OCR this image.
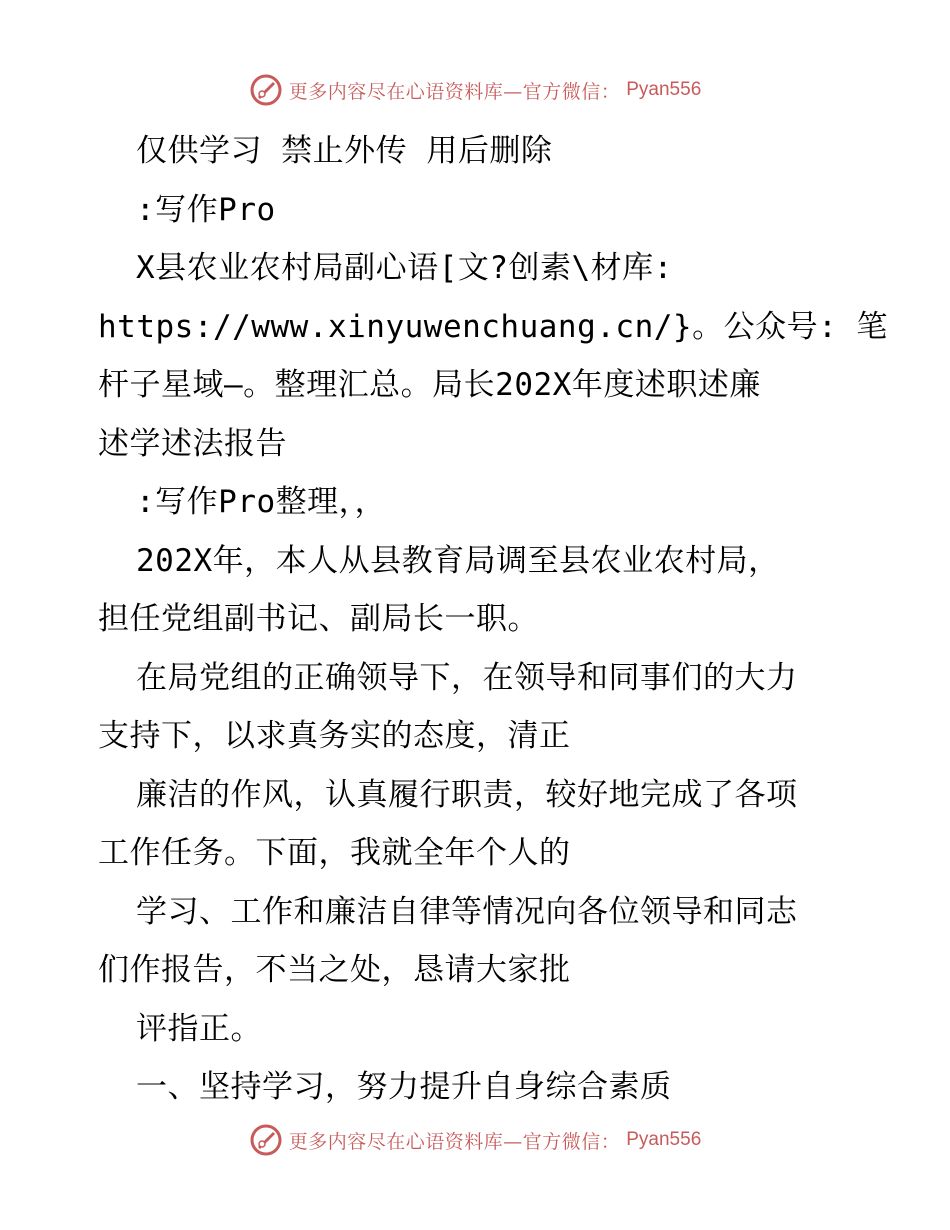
更多内容尽在心语资料库—官方微信： Pyan556
仅供学习 禁止外传 用后删除
:写作Pro
X县农业农村局副心语[文?创素\材库:
https://www.xinyuwenchuang.cn/}。公众号: 笔
杆子星域—。整理汇总。局长202X年度述职述廉
述学述法报告
:写作Pro整理，，
202X年，本人从县教育局调至县农业农村局，
担任党组副书记、副局长一职。
在局党组的正确领导下，在领导和同事们的大力
支持下，以求真务实的态度，清正
廉洁的作风，认真履行职责，较好地完成了各项
工作任务。下面，我就全年个人的
学习、工作和廉洁自律等情况向各位领导和同志
们作报告，不当之处，恳请大家批
评指正。
一、坚持学习，努力提升自身综合素质
更多内容尽在心语资料库—官方微信： Pyan556
